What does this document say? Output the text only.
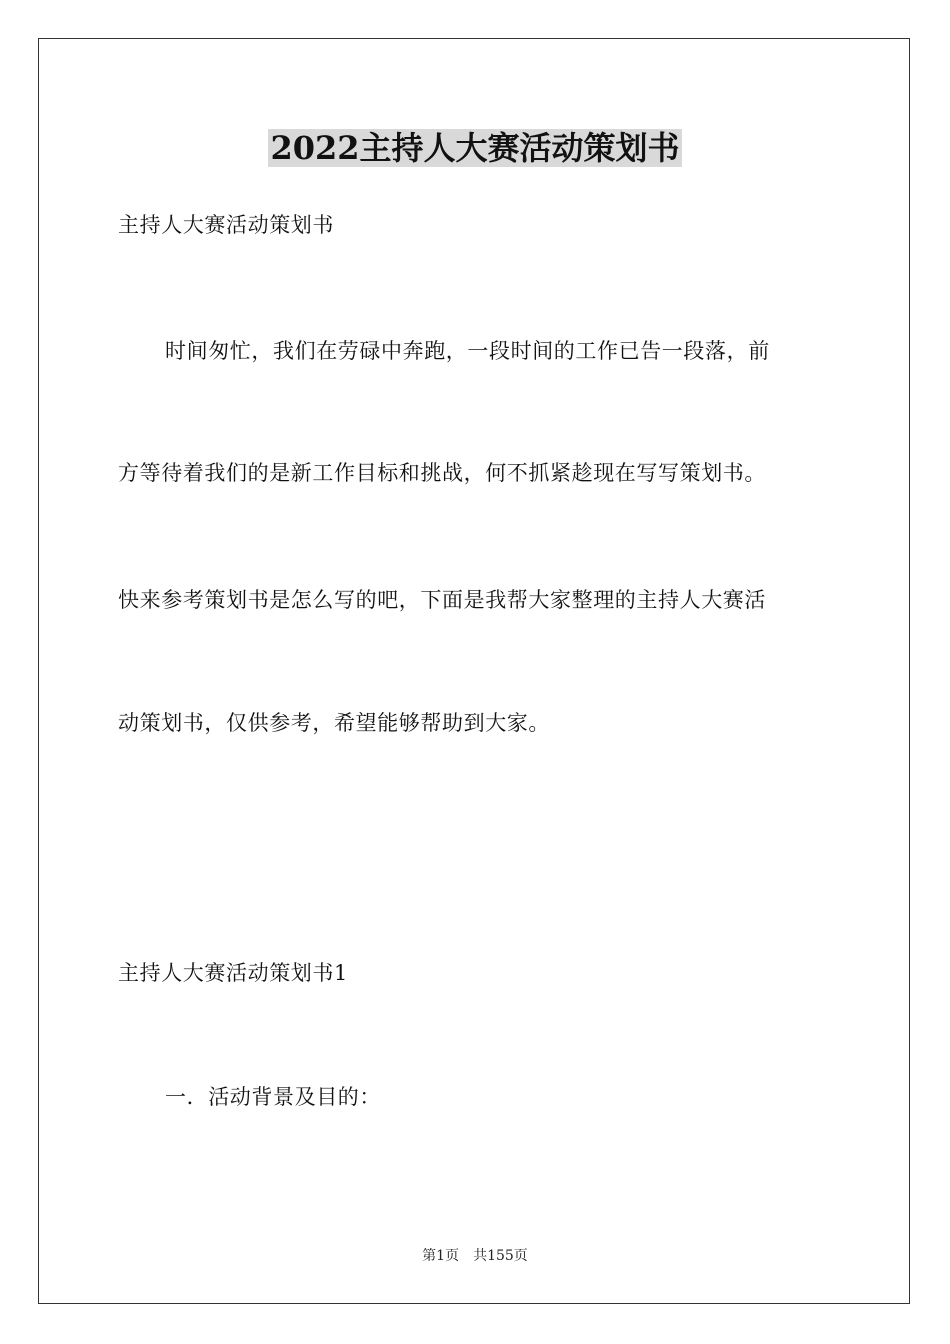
2022主持人大赛活动策划书
主持人大赛活动策划书
时间匆忙，我们在劳碌中奔跑，一段时间的工作已告一段落，前
方等待着我们的是新工作目标和挑战，何不抓紧趁现在写写策划书。
快来参考策划书是怎么写的吧，下面是我帮大家整理的主持人大赛活
动策划书，仅供参考，希望能够帮助到大家。
主持人大赛活动策划书1
一．活动背景及目的：
第1页　共155页
